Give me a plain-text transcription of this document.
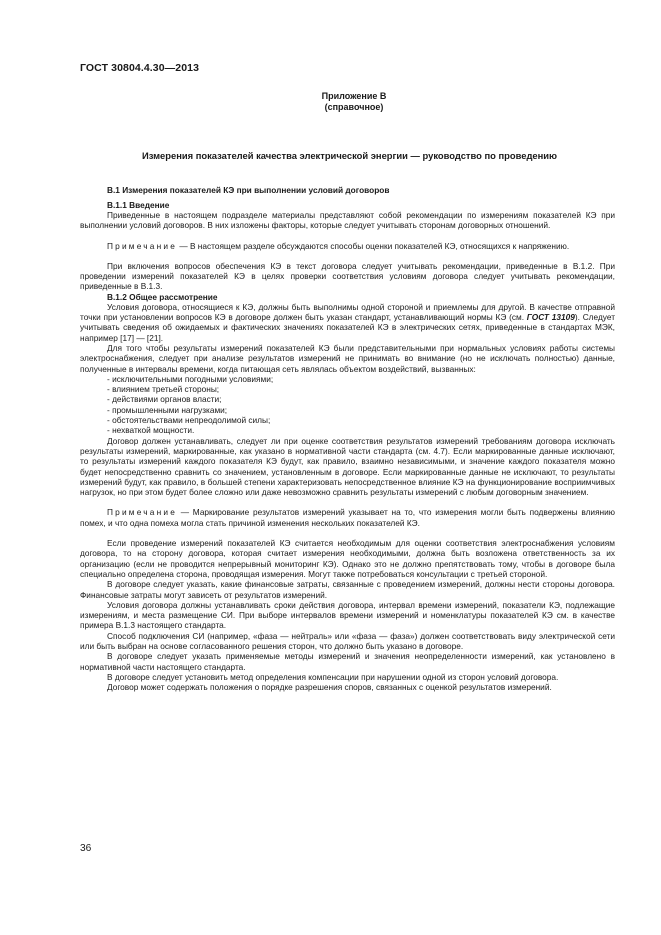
ГОСТ 30804.4.30—2013
Приложение В
(справочное)
Измерения показателей качества электрической энергии — руководство по проведению
В.1 Измерения показателей КЭ при выполнении условий договоров
В.1.1 Введение

Приведенные в настоящем подразделе материалы представляют собой рекомендации по измерениям показателей КЭ при выполнении условий договоров. В них изложены факторы, которые следует учитывать сторонам договорных отношений.

Примечание — В настоящем разделе обсуждаются способы оценки показателей КЭ, относящихся к напряжению.

При включения вопросов обеспечения КЭ в текст договора следует учитывать рекомендации, приведенные в В.1.2. При проведении измерений показателей КЭ в целях проверки соответствия условиям договора следует учитывать рекомендации, приведенные в В.1.3.

В.1.2 Общее рассмотрение

Условия договора, относящиеся к КЭ, должны быть выполнимы одной стороной и приемлемы для другой. В качестве отправной точки при установлении вопросов КЭ в договоре должен быть указан стандарт, устанавливающий нормы КЭ (см. ГОСТ 13109). Следует учитывать сведения об ожидаемых и фактических значениях показателей КЭ в электрических сетях, приведенные в стандартах МЭК, например [17] — [21].

Для того чтобы результаты измерений показателей КЭ были представительными при нормальных условиях работы системы электроснабжения, следует при анализе результатов измерений не принимать во внимание (но не исключать полностью) данные, полученные в интервалы времени, когда питающая сеть являлась объектом воздействий, вызванных:

- исключительными погодными условиями;
- влиянием третьей стороны;
- действиями органов власти;
- промышленными нагрузками;
- обстоятельствами непреодолимой силы;
- нехваткой мощности.

Договор должен устанавливать, следует ли при оценке соответствия результатов измерений требованиям договора исключать результаты измерений, маркированные, как указано в нормативной части стандарта (см. 4.7). Если маркированные данные исключают, то результаты измерений каждого показателя КЭ будут, как правило, взаимно независимыми, и значение каждого показателя можно будет непосредственно сравнить со значением, установленным в договоре. Если маркированные данные не исключают, то результаты измерений будут, как правило, в большей степени характеризовать непосредственное влияние КЭ на функционирование восприимчивых нагрузок, но при этом будет более сложно или даже невозможно сравнить результаты измерений с любым договорным значением.

Примечание — Маркирование результатов измерений указывает на то, что измерения могли быть подвержены влиянию помех, и что одна помеха могла стать причиной изменения нескольких показателей КЭ.

Если проведение измерений показателей КЭ считается необходимым для оценки соответствия электроснабжения условиям договора, то на сторону договора, которая считает измерения необходимыми, должна быть возложена ответственность за их организацию (если не проводится непрерывный мониторинг КЭ). Однако это не должно препятствовать тому, чтобы в договоре была специально определена сторона, проводящая измерения. Могут также потребоваться консультации с третьей стороной.

В договоре следует указать, какие финансовые затраты, связанные с проведением измерений, должны нести стороны договора. Финансовые затраты могут зависеть от результатов измерений.

Условия договора должны устанавливать сроки действия договора, интервал времени измерений, показатели КЭ, подлежащие измерениям, и места размещение СИ. При выборе интервалов времени измерений и номенклатуры показателей КЭ см. в качестве примера В.1.3 настоящего стандарта.

Способ подключения СИ (например, «фаза — нейтраль» или «фаза — фаза») должен соответствовать виду электрической сети или быть выбран на основе согласованного решения сторон, что должно быть указано в договоре.

В договоре следует указать применяемые методы измерений и значения неопределенности измерений, как установлено в нормативной части настоящего стандарта.

В договоре следует установить метод определения компенсации при нарушении одной из сторон условий договора.

Договор может содержать положения о порядке разрешения споров, связанных с оценкой результатов измерений.

36
